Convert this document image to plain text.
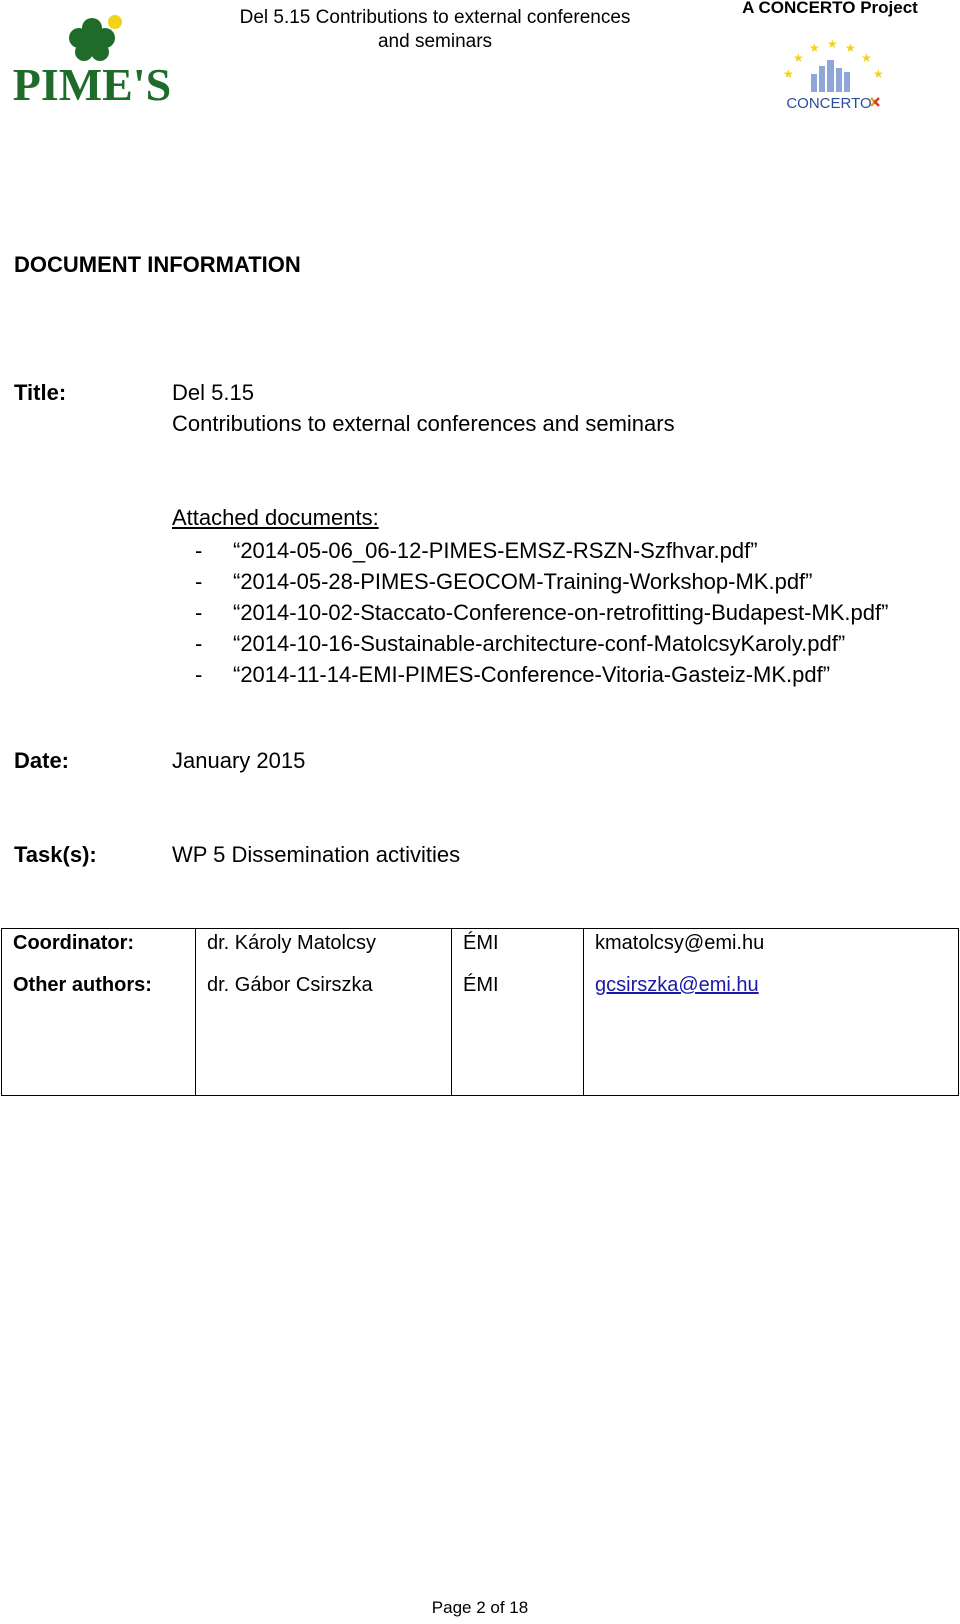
PIME'S
Del 5.15 Contributions to external conferences
and seminars
A CONCERTO Project
★
★
★ ★ ★
★
★
CONCERTO
DOCUMENT INFORMATION
Title:	Del 5.15
Contributions to external conferences and seminars
Attached documents:
- “2014-05-06_06-12-PIMES-EMSZ-RSZN-Szfhvar.pdf”
- “2014-05-28-PIMES-GEOCOM-Training-Workshop-MK.pdf”
- “2014-10-02-Staccato-Conference-on-retrofitting-Budapest-MK.pdf”
- “2014-10-16-Sustainable-architecture-conf-MatolcsyKaroly.pdf”
- “2014-11-14-EMI-PIMES-Conference-Vitoria-Gasteiz-MK.pdf”
Date:	January 2015
Task(s):	WP 5 Dissemination activities
Coordinator:	dr. Károly Matolcsy	ÉMI	kmatolcsy@emi.hu
Other authors:	dr. Gábor Csirszka	ÉMI	gcsirszka@emi.hu
Page 2 of 18
